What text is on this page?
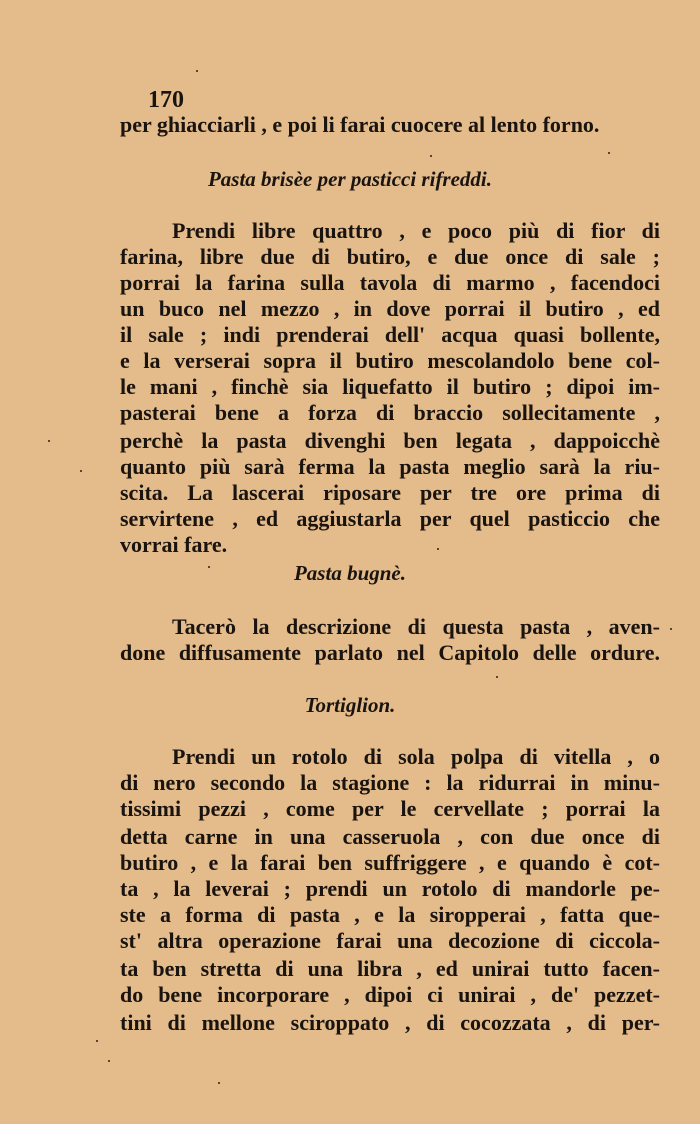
170
per ghiacciarli , e poi li farai cuocere al lento forno.
Pasta brisèe per pasticci rifreddi.
Prendi libre quattro , e poco più di fior di
farina, libre due di butiro, e due once di sale ;
porrai la farina sulla tavola di marmo , facendoci
un buco nel mezzo , in dove porrai il butiro , ed
il sale ; indi prenderai dell' acqua quasi bollente,
e la verserai sopra il butiro mescolandolo bene col-
le mani , finchè sia liquefatto il butiro ; dipoi im-
pasterai bene a forza di braccio sollecitamente ,
perchè la pasta divenghi ben legata , dappoicchè
quanto più sarà ferma la pasta meglio sarà la riu-
scita. La lascerai riposare per tre ore prima di
servirtene , ed aggiustarla per quel pasticcio che
vorrai fare.
Pasta bugnè.
Tacerò la descrizione di questa pasta , aven-
done diffusamente parlato nel Capitolo delle ordure.
Tortiglion.
Prendi un rotolo di sola polpa di vitella , o
di nero secondo la stagione : la ridurrai in minu-
tissimi pezzi , come per le cervellate ; porrai la
detta carne in una casseruola , con due once di
butiro , e la farai ben suffriggere , e quando è cot-
ta , la leverai ; prendi un rotolo di mandorle pe-
ste a forma di pasta , e la siropperai , fatta que-
st' altra operazione farai una decozione di ciccola-
ta ben stretta di una libra , ed unirai tutto facen-
do bene incorporare , dipoi ci unirai , de' pezzet-
tini di mellone sciroppato , di cocozzata , di per-
